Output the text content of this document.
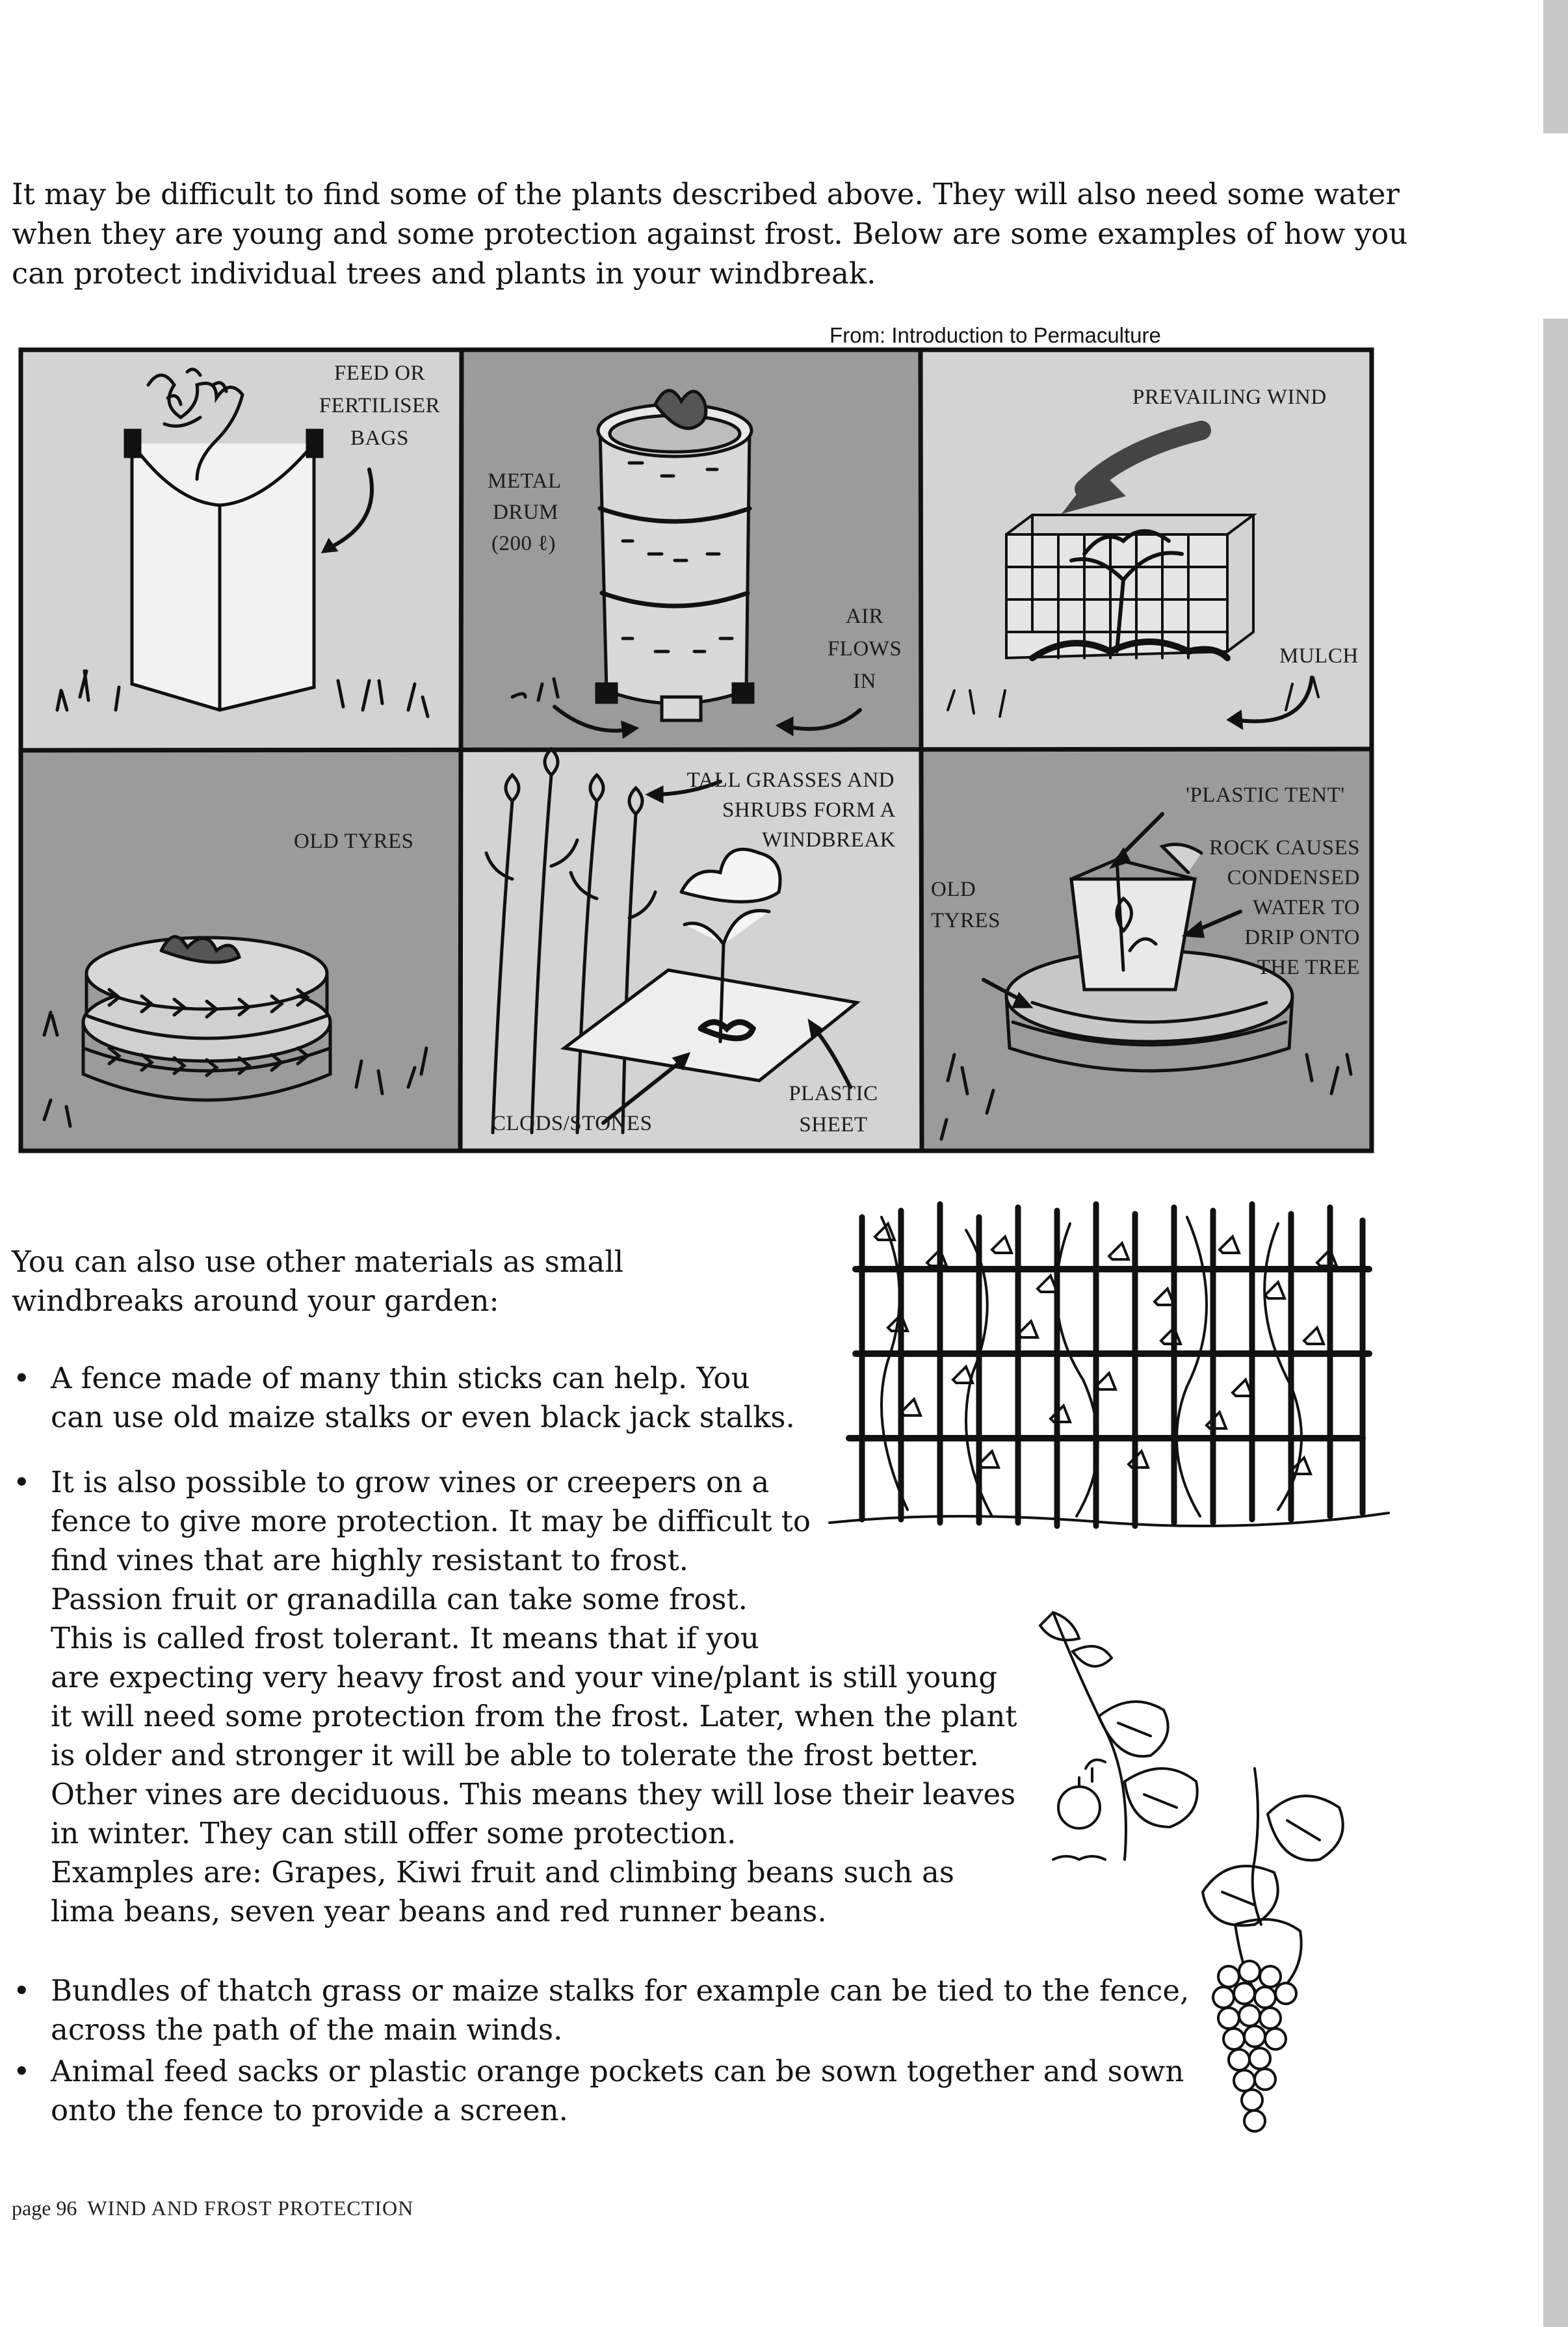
It may be difficult to find some of the plants described above. They will also need some water

when they are young and some protection against frost. Below are some examples of how you

can protect individual trees and plants in your windbreak.

From: Introduction to Permaculture
FEED OR
FERTILISER
BAGS
METAL
DRUM
(200 ℓ)
AIR
FLOWS
IN
PREVAILING WIND
MULCH
OLD TYRES
TALL GRASSES AND
SHRUBS FORM A
WINDBREAK
CLODS/STONES
PLASTIC
SHEET
'PLASTIC TENT'
ROCK CAUSES
CONDENSED
WATER TO
DRIP ONTO
THE TREE
OLD
TYRES

You can also use other materials as small

windbreaks around your garden:

• A fence made of many thin sticks can help. You

can use old maize stalks or even black jack stalks.

• It is also possible to grow vines or creepers on a

fence to give more protection. It may be difficult to

find vines that are highly resistant to frost.

Passion fruit or granadilla can take some frost.

This is called frost tolerant. It means that if you

are expecting very heavy frost and your vine/plant is still young

it will need some protection from the frost. Later, when the plant

is older and stronger it will be able to tolerate the frost better.

Other vines are deciduous. This means they will lose their leaves

in winter. They can still offer some protection.

Examples are: Grapes, Kiwi fruit and climbing beans such as

lima beans, seven year beans and red runner beans.

• Bundles of thatch grass or maize stalks for example can be tied to the fence,

across the path of the main winds.

• Animal feed sacks or plastic orange pockets can be sown together and sown

onto the fence to provide a screen.

page 96 WIND AND FROST PROTECTION
